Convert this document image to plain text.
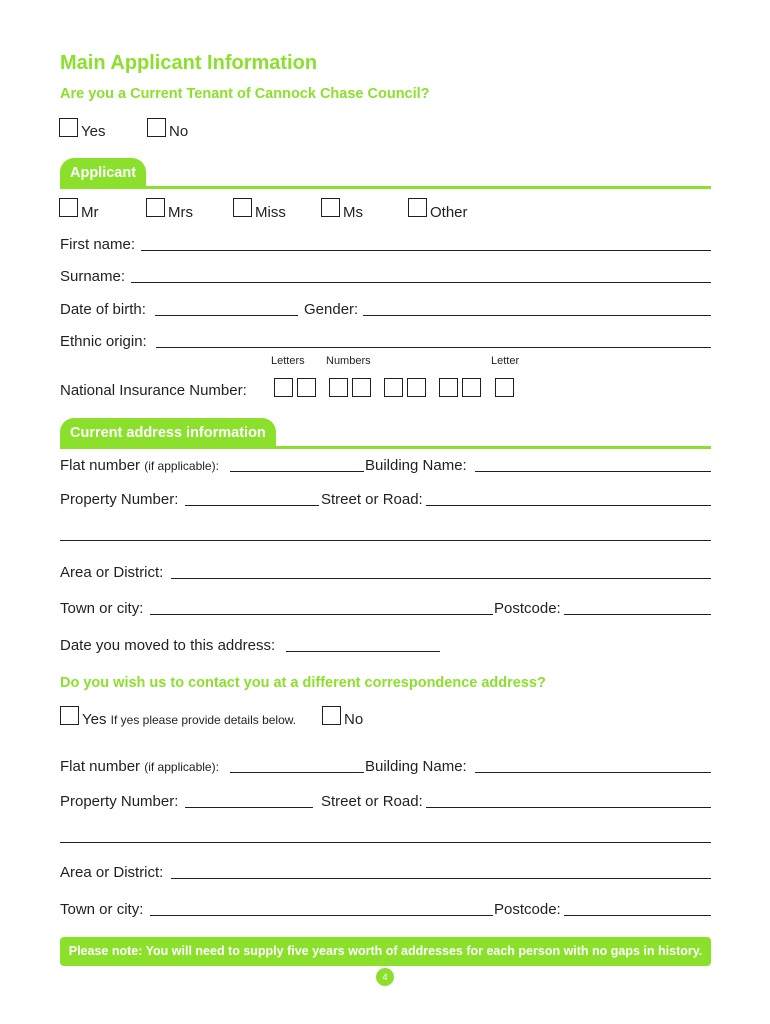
Main Applicant Information
Are you a Current Tenant of Cannock Chase Council?
Yes	No
Applicant
Mr	Mrs	Miss	Ms	Other
First name:
Surname:
Date of birth:	Gender:
Ethnic origin:
Letters Numbers	Letter
National Insurance Number:
Current address information
Flat number (if applicable):	Building Name:
Property Number:	Street or Road:
Area or District:
Town or city:	Postcode:
Date you moved to this address:
Do you wish us to contact you at a different correspondence address?
Yes If yes please provide details below.	No
Flat number (if applicable):	Building Name:
Property Number:	Street or Road:
Area or District:
Town or city:	Postcode:
Please note: You will need to supply five years worth of addresses for each person with no gaps in history.
4
